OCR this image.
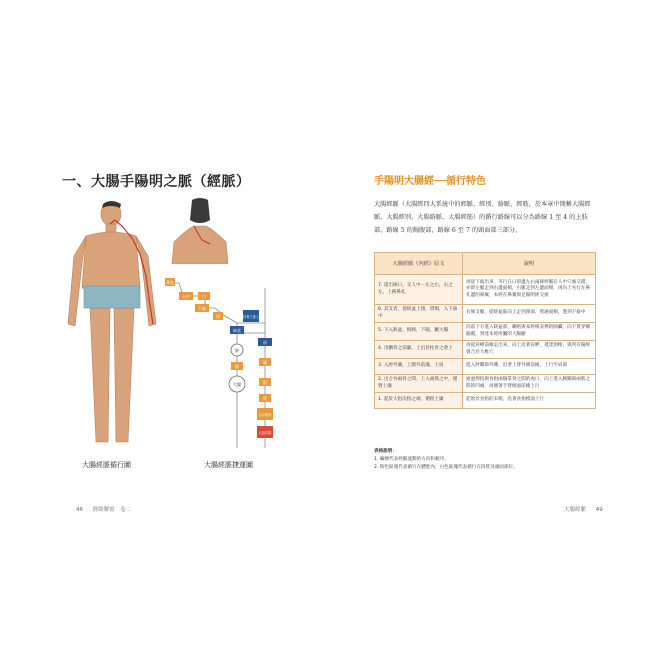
一、大腸手陽明之脈（經脈）
鼻孔
人中	口
下齒
頸	柱骨之會上
缺盆
肩
肺
膈
大腸
臑
肘
臂
合谷兩骨
大指次指
大腸經脈循行圖	大腸經脈捷運圖
46 經絡解密　卷二
手陽明大腸經──循行特色
大腸經脈（大腸經四大系統中的經脈、經別、絡脈、經筋，於本章中簡稱大腸經脈、大腸經別、大腸絡脈、大腸經筋）的循行路線可以分為路線 1 至 4 的上肢部，路線 5 的胸腹部，路線 6 至 7 的頭面部三部分。
大腸經脈《內經》原文	說明
7. 還出挾口，交人中－左之右，右之左，上挾鼻孔	再從下齒出來，夾行在口唇邊左右兩條經脈在人中穴處交錯，亦即左脈走到右邊面頰，右脈走到左邊面頰，再向上夾行在鼻孔邊的鼻翼，本經在鼻翼與足陽明經交接
6. 其支者，從缺盆上頸，貫頰，入下齒中	有條支脈，從缺盆區向上走到頸部，貫通面頰，進到下齒中
5. 下入缺盆，絡肺，下膈，屬大腸	向前下方進入缺盆部，聯絡與本經相表裡的肺臟，向下貫穿橫膈膜，到達本經所屬的大腸腑
4. 出髃骨之前廉，上出於柱骨之會上	再從肩峰前緣走出來，向上沿著肩胛，抵達頸椎，與所有陽經會合於大椎穴
3. 入肘外廉，上臑外前廉，上肩	進入肘關節外側，沿著上臂外側前緣，上行至肩部
2. 出合谷兩骨之間，上入兩筋之中，循臂上廉	通過拇指與食指兩個掌骨之間的虎口，向上進入腕關節兩筋之間的凹處，再循著手臂橈面前緣上行
1. 起於大指次指之端，循指上廉	起始於食指的末梢，沿著食指橈面上行
表格說明：
1. 編號代表經脈流動的方向和順序。
2. 粉色區塊代表循行在體腔內，白色區塊代表循行在四肢及頭面部位。
大腸經脈 49
